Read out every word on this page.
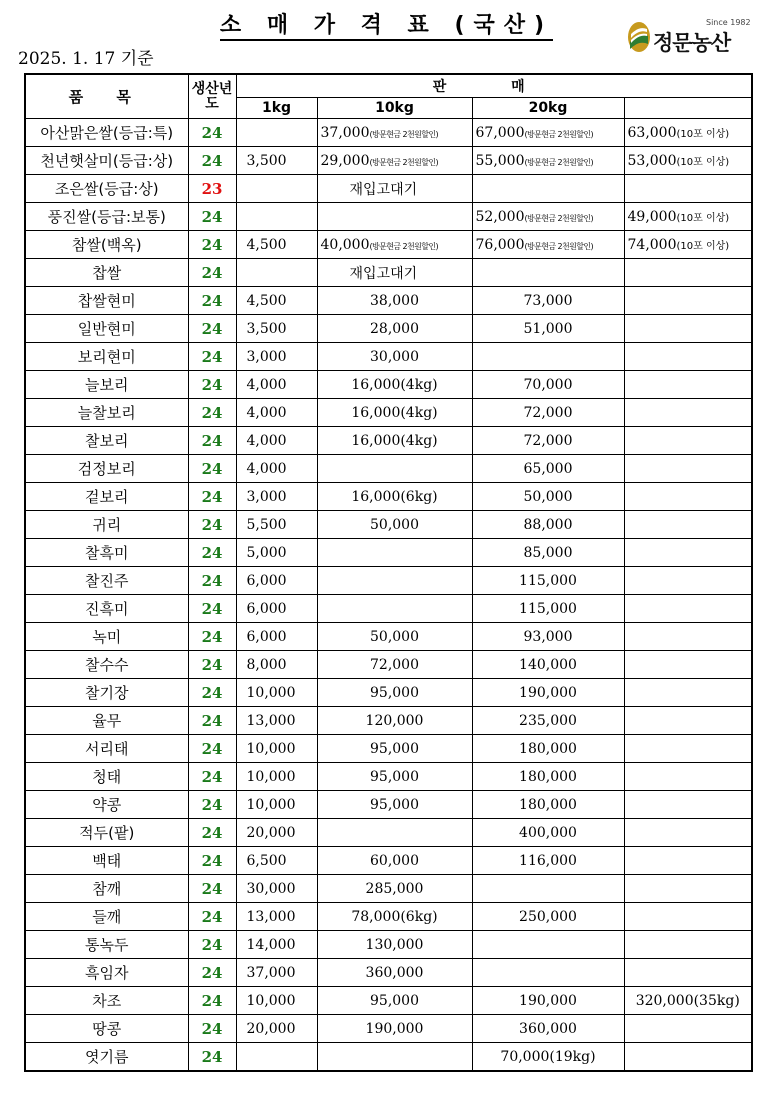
소 매 가 격 표 (국산)
2025. 1. 17 기준
Since 1982
정문농산
품 목	생산년도	판 매			
		1kg	10kg	20kg	
아산맑은쌀(등급:특)	24		37,000(방문현금 2천원할인)	67,000(방문현금 2천원할인)	63,000(10포 이상)
천년햇살미(등급:상)	24	3,500	29,000(방문현금 2천원할인)	55,000(방문현금 2천원할인)	53,000(10포 이상)
조은쌀(등급:상)	23		재입고대기		
풍진쌀(등급:보통)	24			52,000(방문현금 2천원할인)	49,000(10포 이상)
참쌀(백옥)	24	4,500	40,000(방문현금 2천원할인)	76,000(방문현금 2천원할인)	74,000(10포 이상)
찹쌀	24		재입고대기		
찹쌀현미	24	4,500	38,000	73,000	
일반현미	24	3,500	28,000	51,000	
보리현미	24	3,000	30,000		
늘보리	24	4,000	16,000(4kg)	70,000	
늘찰보리	24	4,000	16,000(4kg)	72,000	
찰보리	24	4,000	16,000(4kg)	72,000	
검정보리	24	4,000		65,000	
겉보리	24	3,000	16,000(6kg)	50,000	
귀리	24	5,500	50,000	88,000	
찰흑미	24	5,000		85,000	
찰진주	24	6,000		115,000	
진흑미	24	6,000		115,000	
녹미	24	6,000	50,000	93,000	
찰수수	24	8,000	72,000	140,000	
찰기장	24	10,000	95,000	190,000	
율무	24	13,000	120,000	235,000	
서리태	24	10,000	95,000	180,000	
청태	24	10,000	95,000	180,000	
약콩	24	10,000	95,000	180,000	
적두(팥)	24	20,000		400,000	
백태	24	6,500	60,000	116,000	
참깨	24	30,000	285,000		
들깨	24	13,000	78,000(6kg)	250,000	
통녹두	24	14,000	130,000		
흑임자	24	37,000	360,000		
차조	24	10,000	95,000	190,000	320,000(35kg)
땅콩	24	20,000	190,000	360,000	
엿기름	24			70,000(19kg)	
